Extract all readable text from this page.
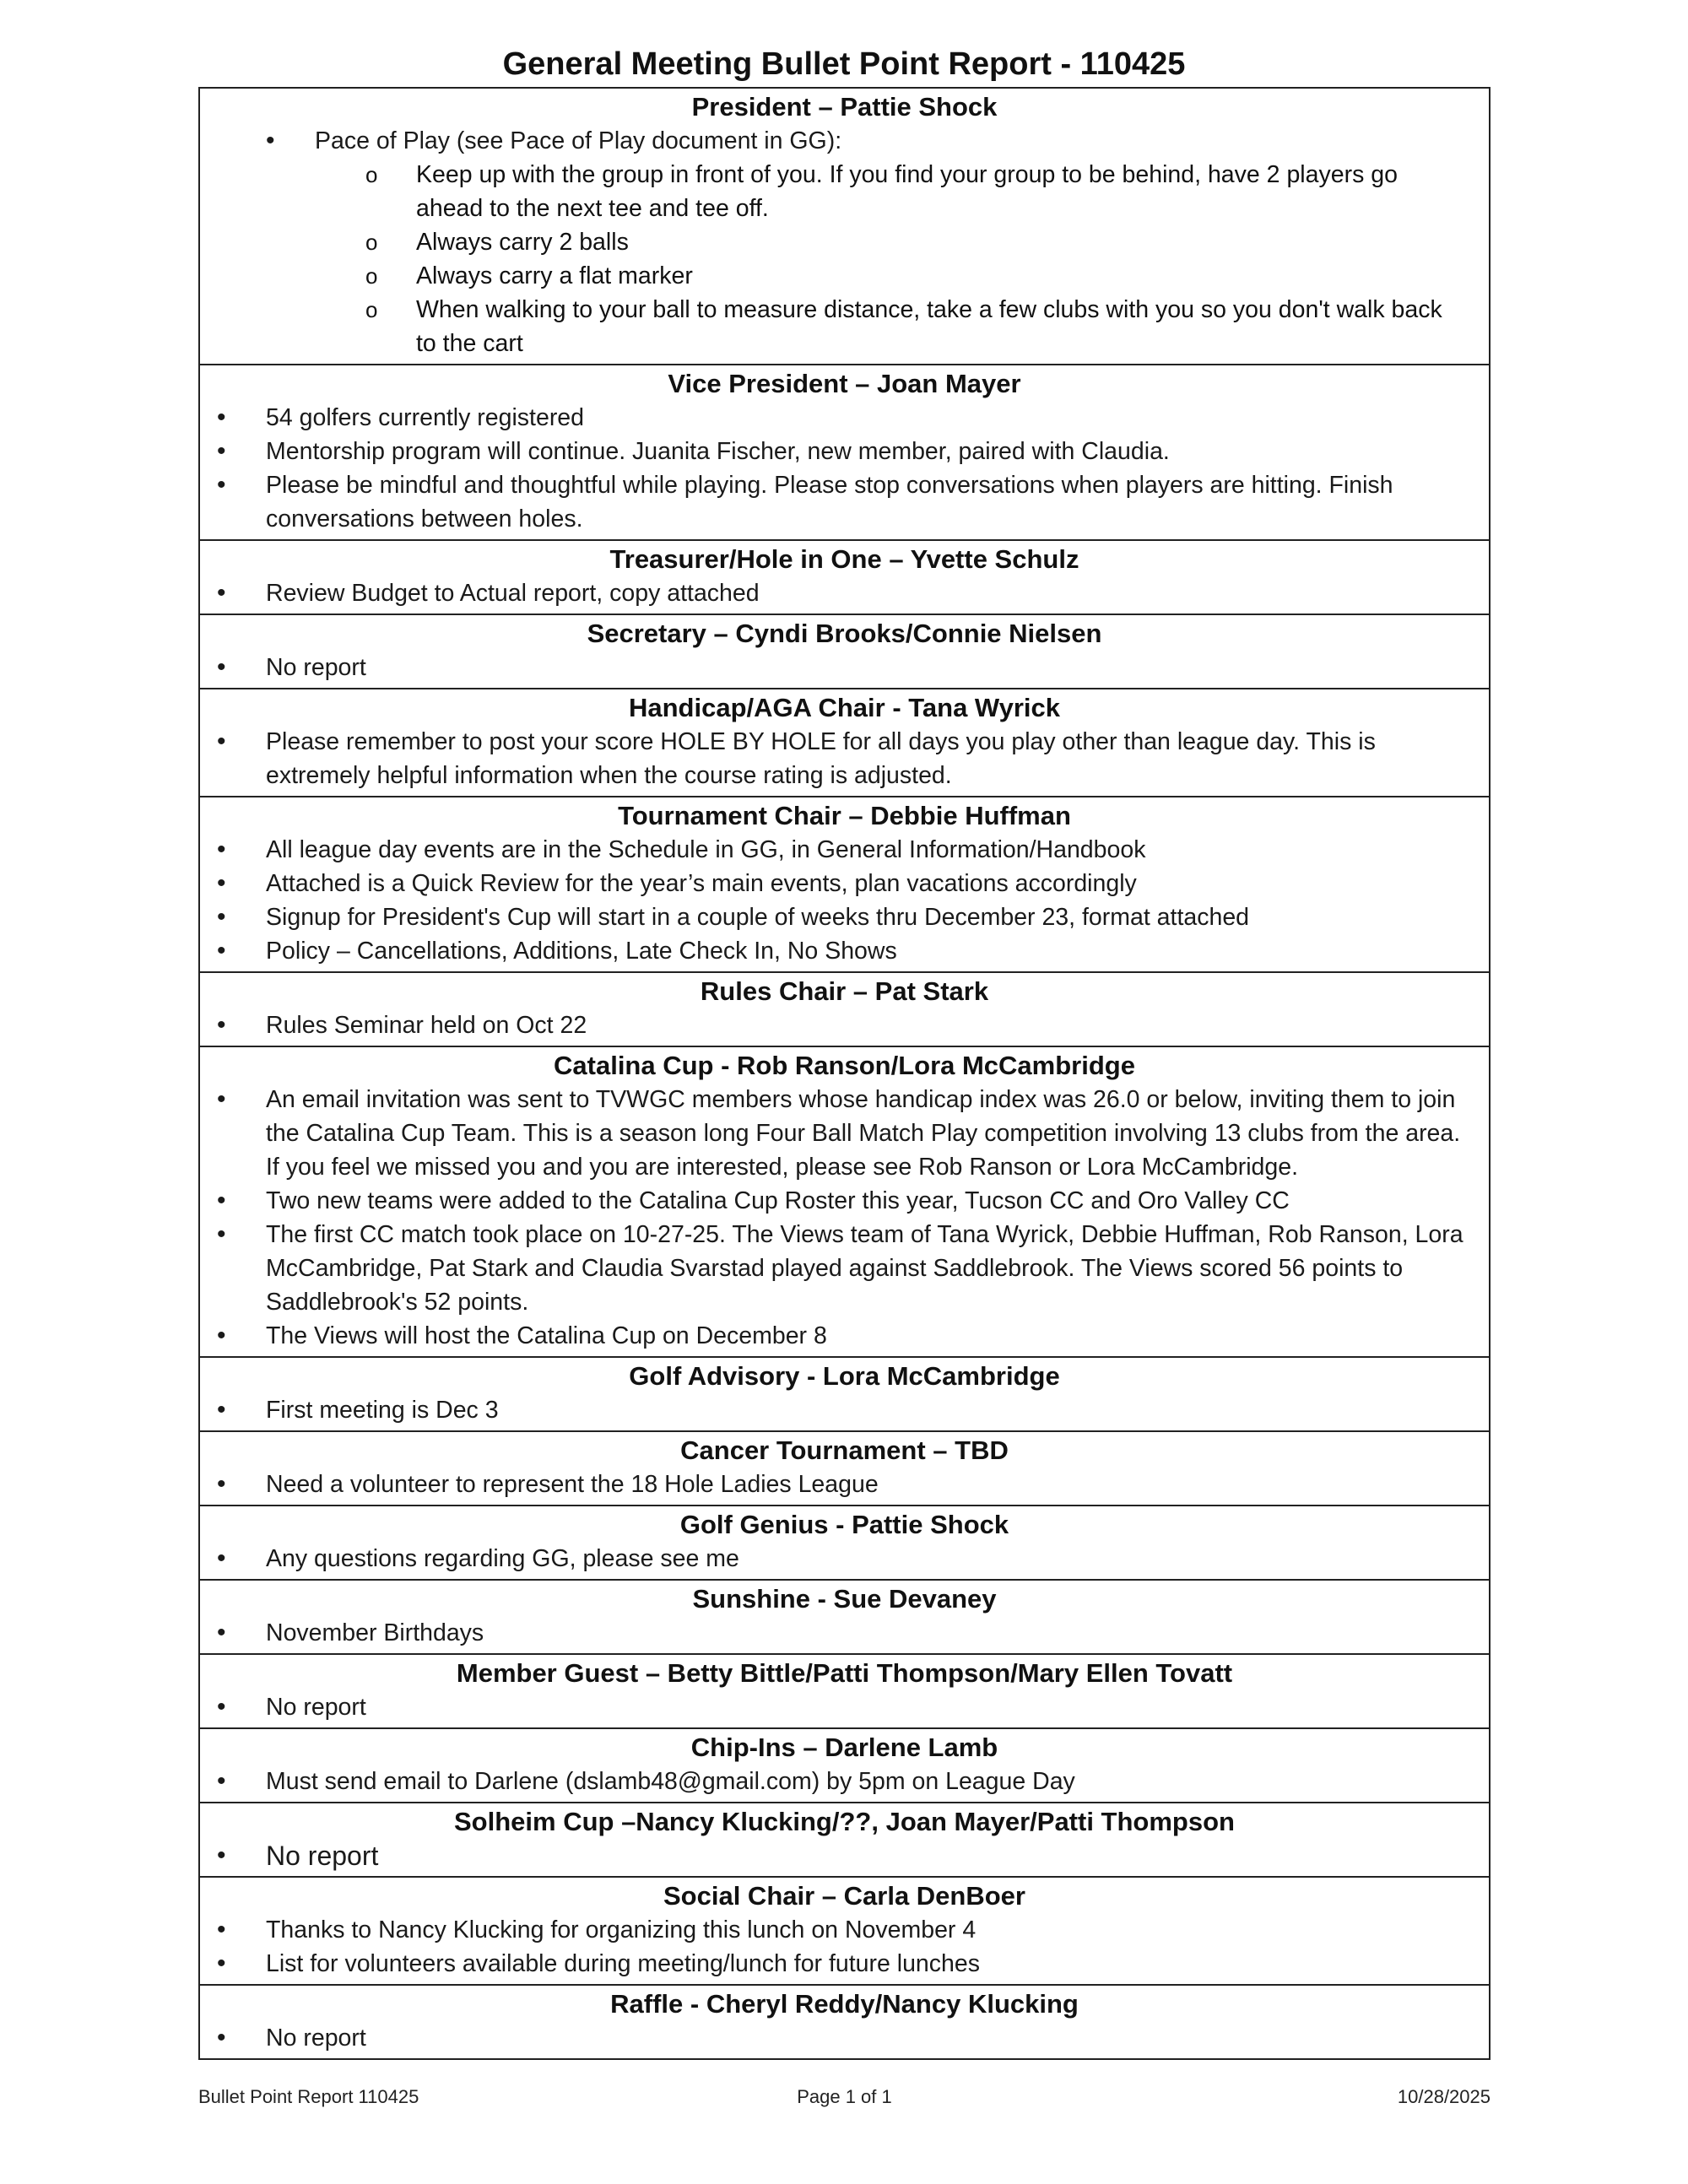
General Meeting Bullet Point Report - 110425
President – Pattie Shock
• Pace of Play (see Pace of Play document in GG):
o Keep up with the group in front of you. If you find your group to be behind, have 2 players go ahead to the next tee and tee off.
o Always carry 2 balls
o Always carry a flat marker
o When walking to your ball to measure distance, take a few clubs with you so you don't walk back to the cart
Vice President – Joan Mayer
• 54 golfers currently registered
• Mentorship program will continue. Juanita Fischer, new member, paired with Claudia.
• Please be mindful and thoughtful while playing. Please stop conversations when players are hitting. Finish conversations between holes.
Treasurer/Hole in One – Yvette Schulz
• Review Budget to Actual report, copy attached
Secretary – Cyndi Brooks/Connie Nielsen
• No report
Handicap/AGA Chair - Tana Wyrick
• Please remember to post your score HOLE BY HOLE for all days you play other than league day. This is extremely helpful information when the course rating is adjusted.
Tournament Chair – Debbie Huffman
• All league day events are in the Schedule in GG, in General Information/Handbook
• Attached is a Quick Review for the year’s main events, plan vacations accordingly
• Signup for President's Cup will start in a couple of weeks thru December 23, format attached
• Policy – Cancellations, Additions, Late Check In, No Shows
Rules Chair – Pat Stark
• Rules Seminar held on Oct 22
Catalina Cup - Rob Ranson/Lora McCambridge
• An email invitation was sent to TVWGC members whose handicap index was 26.0 or below, inviting them to join the Catalina Cup Team. This is a season long Four Ball Match Play competition involving 13 clubs from the area. If you feel we missed you and you are interested, please see Rob Ranson or Lora McCambridge.
• Two new teams were added to the Catalina Cup Roster this year, Tucson CC and Oro Valley CC
• The first CC match took place on 10-27-25. The Views team of Tana Wyrick, Debbie Huffman, Rob Ranson, Lora McCambridge, Pat Stark and Claudia Svarstad played against Saddlebrook. The Views scored 56 points to Saddlebrook's 52 points.
• The Views will host the Catalina Cup on December 8
Golf Advisory - Lora McCambridge
• First meeting is Dec 3
Cancer Tournament – TBD
• Need a volunteer to represent the 18 Hole Ladies League
Golf Genius - Pattie Shock
• Any questions regarding GG, please see me
Sunshine - Sue Devaney
• November Birthdays
Member Guest – Betty Bittle/Patti Thompson/Mary Ellen Tovatt
• No report
Chip-Ins – Darlene Lamb
• Must send email to Darlene (dslamb48@gmail.com) by 5pm on League Day
Solheim Cup –Nancy Klucking/??, Joan Mayer/Patti Thompson
• No report
Social Chair – Carla DenBoer
• Thanks to Nancy Klucking for organizing this lunch on November 4
• List for volunteers available during meeting/lunch for future lunches
Raffle - Cheryl Reddy/Nancy Klucking
• No report
Bullet Point Report 110425	Page 1 of 1	10/28/2025
